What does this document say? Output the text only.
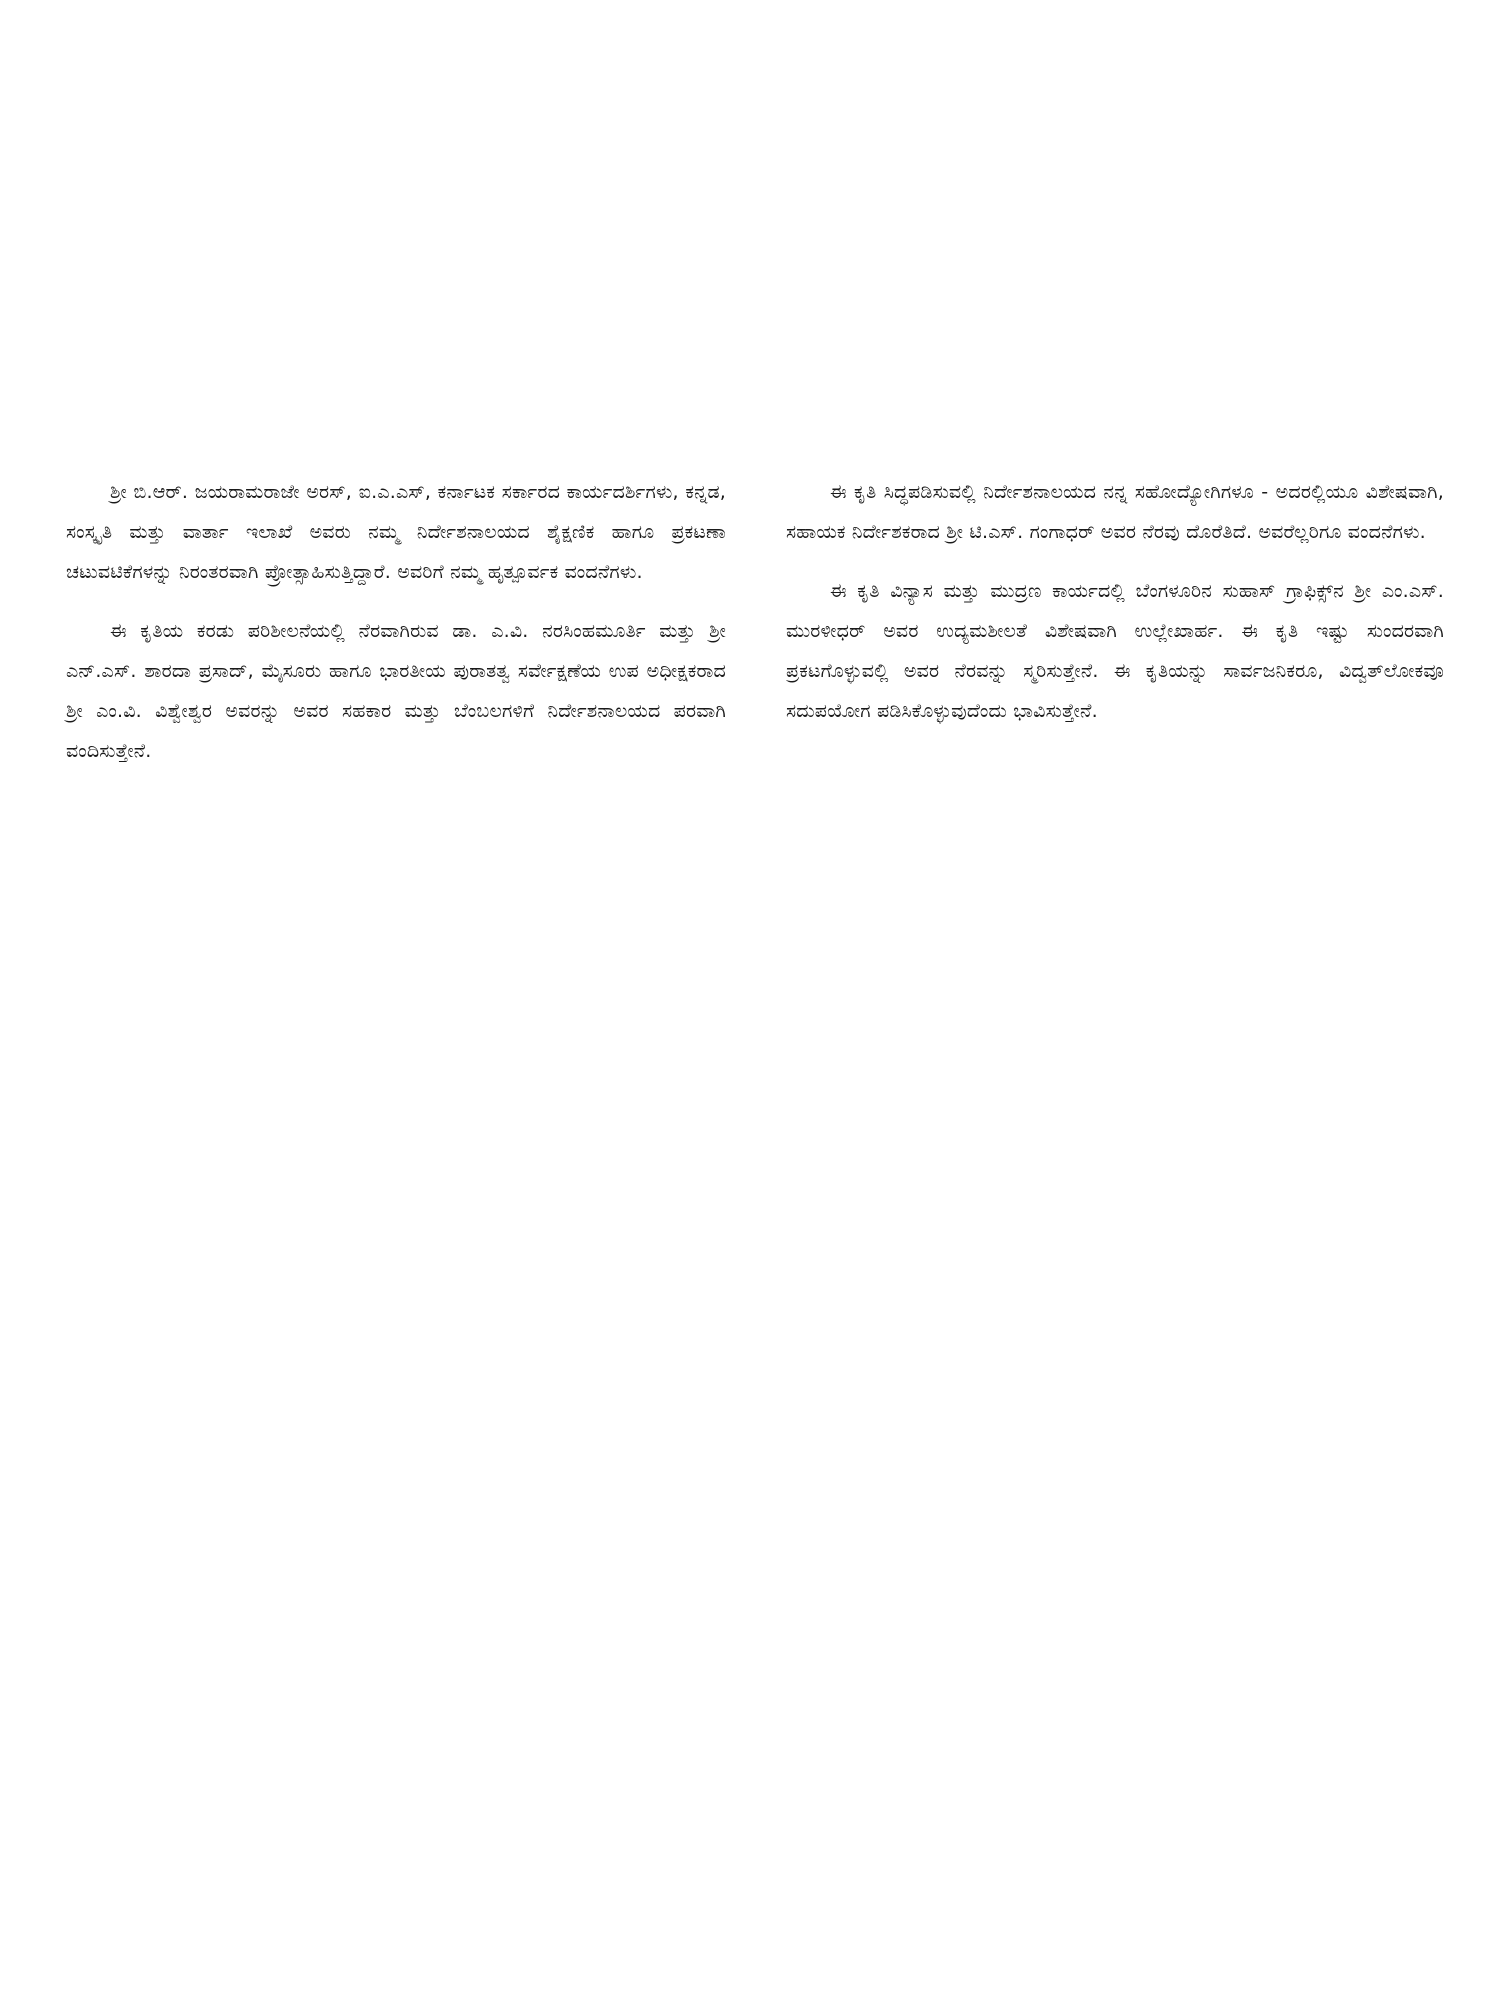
ಶ್ರೀ ಬಿ.ಆರ್. ಜಯರಾಮರಾಜೇ ಅರಸ್, ಐ.ಎ.ಎಸ್, ಕರ್ನಾಟಕ ಸರ್ಕಾರದ ಕಾರ್ಯದರ್ಶಿಗಳು, ಕನ್ನಡ, ಸಂಸ್ಕೃತಿ ಮತ್ತು ವಾರ್ತಾ ಇಲಾಖೆ ಅವರು ನಮ್ಮ ನಿರ್ದೇಶನಾಲಯದ ಶೈಕ್ಷಣಿಕ ಹಾಗೂ ಪ್ರಕಟಣಾ ಚಟುವಟಿಕೆಗಳನ್ನು ನಿರಂತರವಾಗಿ ಪ್ರೋತ್ಸಾಹಿಸುತ್ತಿದ್ದಾರೆ. ಅವರಿಗೆ ನಮ್ಮ ಹೃತ್ಪೂರ್ವಕ ವಂದನೆಗಳು.

ಈ ಕೃತಿಯ ಕರಡು ಪರಿಶೀಲನೆಯಲ್ಲಿ ನೆರವಾಗಿರುವ ಡಾ. ಎ.ವಿ. ನರಸಿಂಹಮೂರ್ತಿ ಮತ್ತು ಶ್ರೀ ಎನ್.ಎಸ್. ಶಾರದಾ ಪ್ರಸಾದ್, ಮೈಸೂರು ಹಾಗೂ ಭಾರತೀಯ ಪುರಾತತ್ವ ಸರ್ವೇಕ್ಷಣೆಯ ಉಪ ಅಧೀಕ್ಷಕರಾದ ಶ್ರೀ ಎಂ.ವಿ. ವಿಶ್ವೇಶ್ವರ ಅವರನ್ನು ಅವರ ಸಹಕಾರ ಮತ್ತು ಬೆಂಬಲಗಳಿಗೆ ನಿರ್ದೇಶನಾಲಯದ ಪರವಾಗಿ ವಂದಿಸುತ್ತೇನೆ.

ಈ ಕೃತಿ ಸಿದ್ಧಪಡಿಸುವಲ್ಲಿ ನಿರ್ದೇಶನಾಲಯದ ನನ್ನ ಸಹೋದ್ಯೋಗಿಗಳೂ - ಅದರಲ್ಲಿಯೂ ವಿಶೇಷವಾಗಿ, ಸಹಾಯಕ ನಿರ್ದೇಶಕರಾದ ಶ್ರೀ ಟಿ.ಎಸ್. ಗಂಗಾಧರ್ ಅವರ ನೆರವು ದೊರೆತಿದೆ. ಅವರೆಲ್ಲರಿಗೂ ವಂದನೆಗಳು.

ಈ ಕೃತಿ ವಿನ್ಯಾಸ ಮತ್ತು ಮುದ್ರಣ ಕಾರ್ಯದಲ್ಲಿ ಬೆಂಗಳೂರಿನ ಸುಹಾಸ್ ಗ್ರಾಫಿಕ್ಸ್‌ನ ಶ್ರೀ ಎಂ.ಎಸ್. ಮುರಳೀಧರ್ ಅವರ ಉದ್ಯಮಶೀಲತೆ ವಿಶೇಷವಾಗಿ ಉಲ್ಲೇಖಾರ್ಹ. ಈ ಕೃತಿ ಇಷ್ಟು ಸುಂದರವಾಗಿ ಪ್ರಕಟಗೊಳ್ಳುವಲ್ಲಿ ಅವರ ನೆರವನ್ನು ಸ್ಮರಿಸುತ್ತೇನೆ. ಈ ಕೃತಿಯನ್ನು ಸಾರ್ವಜನಿಕರೂ, ವಿದ್ವತ್‌ಲೋಕವೂ ಸದುಪಯೋಗ ಪಡಿಸಿಕೊಳ್ಳುವುದೆಂದು ಭಾವಿಸುತ್ತೇನೆ.
